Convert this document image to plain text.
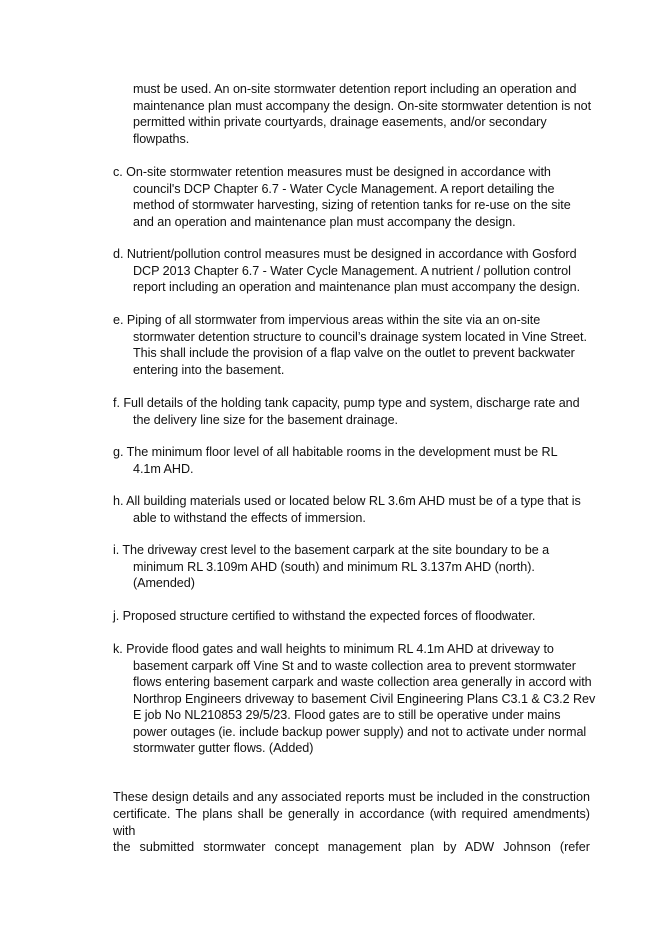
must be used. An on-site stormwater detention report including an operation and
maintenance plan must accompany the design. On-site stormwater detention is not
permitted within private courtyards, drainage easements, and/or secondary
flowpaths.
c. On-site stormwater retention measures must be designed in accordance with
council's DCP Chapter 6.7 - Water Cycle Management. A report detailing the
method of stormwater harvesting, sizing of retention tanks for re-use on the site
and an operation and maintenance plan must accompany the design.
d. Nutrient/pollution control measures must be designed in accordance with Gosford
DCP 2013 Chapter 6.7 - Water Cycle Management. A nutrient / pollution control
report including an operation and maintenance plan must accompany the design.
e. Piping of all stormwater from impervious areas within the site via an on-site
stormwater detention structure to council’s drainage system located in Vine Street.
This shall include the provision of a flap valve on the outlet to prevent backwater
entering into the basement.
f. Full details of the holding tank capacity, pump type and system, discharge rate and
the delivery line size for the basement drainage.
g. The minimum floor level of all habitable rooms in the development must be RL
4.1m AHD.
h. All building materials used or located below RL 3.6m AHD must be of a type that is
able to withstand the effects of immersion.
i. The driveway crest level to the basement carpark at the site boundary to be a
minimum RL 3.109m AHD (south) and minimum RL 3.137m AHD (north).
(Amended)
j. Proposed structure certified to withstand the expected forces of floodwater.
k. Provide flood gates and wall heights to minimum RL 4.1m AHD at driveway to
basement carpark off Vine St and to waste collection area to prevent stormwater
flows entering basement carpark and waste collection area generally in accord with
Northrop Engineers driveway to basement Civil Engineering Plans C3.1 & C3.2 Rev
E job No NL210853 29/5/23. Flood gates are to still be operative under mains
power outages (ie. include backup power supply) and not to activate under normal
stormwater gutter flows. (Added)
These design details and any associated reports must be included in the construction
certificate. The plans shall be generally in accordance (with required amendments) with
the submitted stormwater concept management plan by ADW Johnson (refer
